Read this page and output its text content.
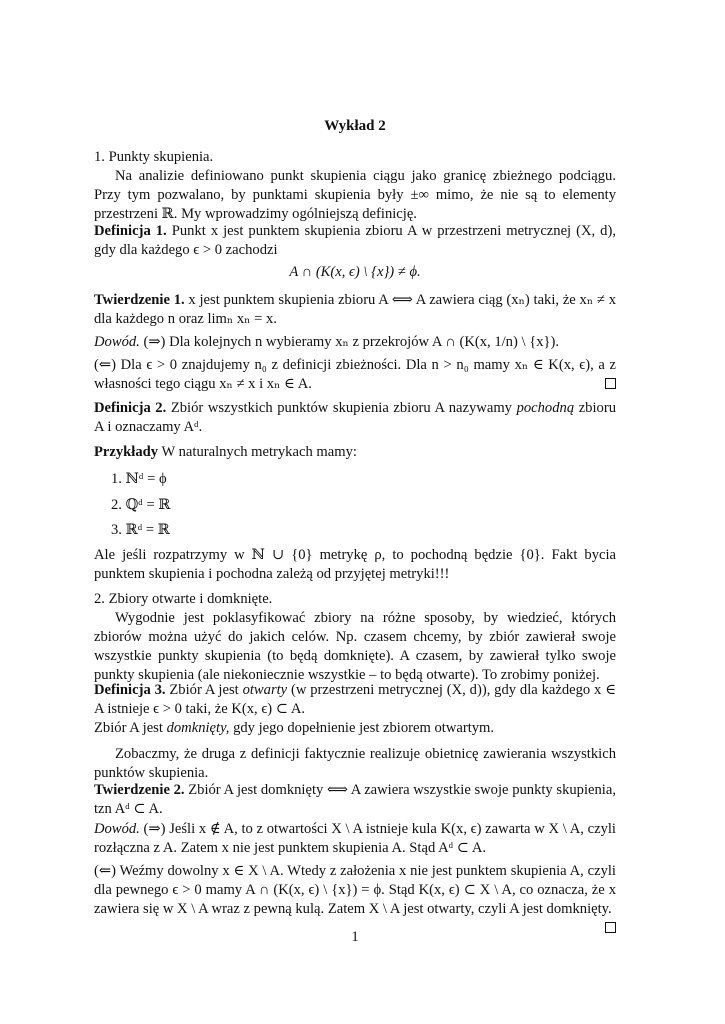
Wykład 2

1. Punkty skupienia.

Na analizie definiowano punkt skupienia ciągu jako granicę zbieżnego podciągu. Przy tym pozwalano, by punktami skupienia były ±∞ mimo, że nie są to elementy przestrzeni ℝ. My wprowadzimy ogólniejszą definicję.

Definicja 1. Punkt x jest punktem skupienia zbioru A w przestrzeni metrycznej (X, d), gdy dla każdego ϵ > 0 zachodzi

A ∩ (K(x, ϵ) \ {x}) ≠ ϕ.

Twierdzenie 1. x jest punktem skupienia zbioru A ⟺ A zawiera ciąg (xₙ) taki, że xₙ ≠ x dla każdego n oraz limₙ xₙ = x.

Dowód. (⇒) Dla kolejnych n wybieramy xₙ z przekrojów A ∩ (K(x, 1/n) \ {x}).

(⇐) Dla ϵ > 0 znajdujemy n₀ z definicji zbieżności. Dla n > n₀ mamy xₙ ∈ K(x, ϵ), a z własności tego ciągu xₙ ≠ x i xₙ ∈ A.

Definicja 2. Zbiór wszystkich punktów skupienia zbioru A nazywamy pochodną zbioru A i oznaczamy Aᵈ.

Przykłady W naturalnych metrykach mamy:

1. ℕᵈ = ϕ
2. ℚᵈ = ℝ
3. ℝᵈ = ℝ
Ale jeśli rozpatrzymy w ℕ ∪ {0} metrykę ρ, to pochodną będzie {0}. Fakt bycia punktem skupienia i pochodna zależą od przyjętej metryki!!!

2. Zbiory otwarte i domknięte.

Wygodnie jest poklasyfikować zbiory na różne sposoby, by wiedzieć, których zbiorów można użyć do jakich celów. Np. czasem chcemy, by zbiór zawierał swoje wszystkie punkty skupienia (to będą domknięte). A czasem, by zawierał tylko swoje punkty skupienia (ale niekoniecznie wszystkie – to będą otwarte). To zrobimy poniżej.

Definicja 3. Zbiór A jest otwarty (w przestrzeni metrycznej (X, d)), gdy dla każdego x ∈ A istnieje ϵ > 0 taki, że K(x, ϵ) ⊂ A.

Zbiór A jest domknięty, gdy jego dopełnienie jest zbiorem otwartym.

Zobaczmy, że druga z definicji faktycznie realizuje obietnicę zawierania wszystkich punktów skupienia.

Twierdzenie 2. Zbiór A jest domknięty ⟺ A zawiera wszystkie swoje punkty skupienia, tzn Aᵈ ⊂ A.

Dowód. (⇒) Jeśli x ∉ A, to z otwartości X \ A istnieje kula K(x, ϵ) zawarta w X \ A, czyli rozłączna z A. Zatem x nie jest punktem skupienia A. Stąd Aᵈ ⊂ A.

(⇐) Weźmy dowolny x ∈ X \ A. Wtedy z założenia x nie jest punktem skupienia A, czyli dla pewnego ϵ > 0 mamy A ∩ (K(x, ϵ) \ {x}) = ϕ. Stąd K(x, ϵ) ⊂ X \ A, co oznacza, że x zawiera się w X \ A wraz z pewną kulą. Zatem X \ A jest otwarty, czyli A jest domknięty.

1
